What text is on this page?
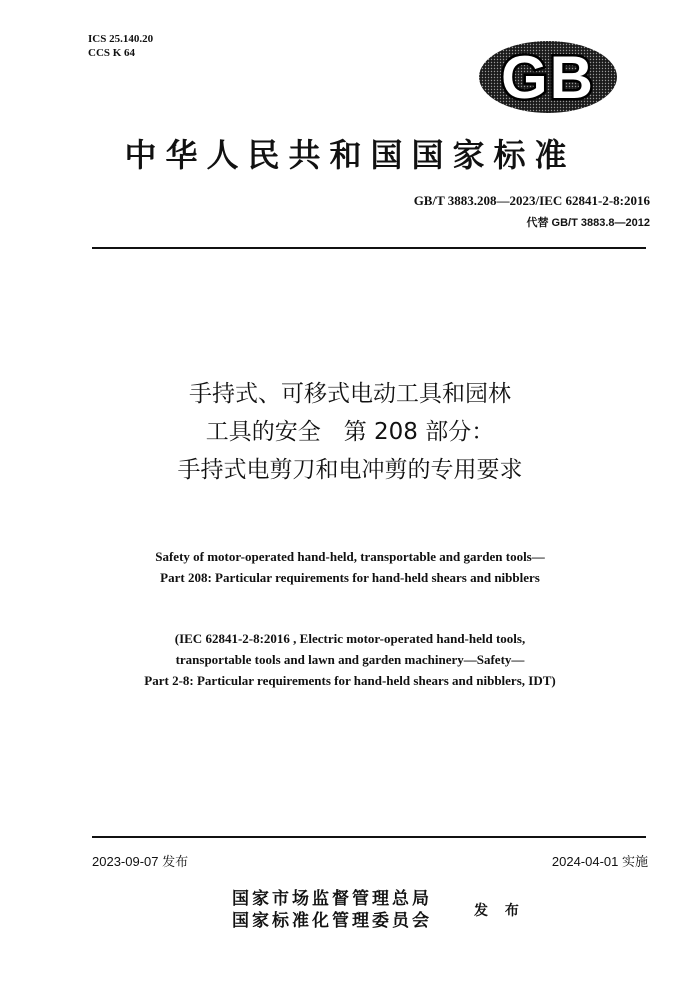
ICS 25.140.20
CCS K 64	GB
中华人民共和国国家标准
GB/T 3883.208—2023/IEC 62841-2-8:2016
代替 GB/T 3883.8—2012
手持式、可移式电动工具和园林
工具的安全　第 208 部分：
手持式电剪刀和电冲剪的专用要求
Safety of motor-operated hand-held, transportable and garden tools—
Part 208: Particular requirements for hand-held shears and nibblers
(IEC 62841-2-8:2016 , Electric motor-operated hand-held tools,
transportable tools and lawn and garden machinery—Safety—
Part 2-8: Particular requirements for hand-held shears and nibblers, IDT)
2023-09-07 发布	2024-04-01 实施
国家市场监督管理总局
国家标准化管理委员会	发 布
